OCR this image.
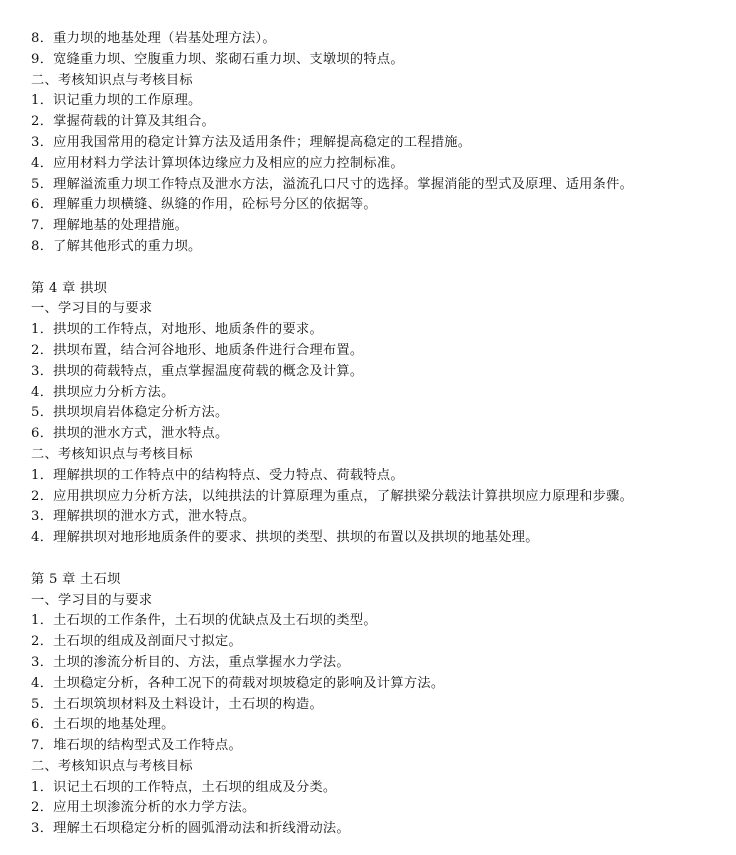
8．重力坝的地基处理（岩基处理方法）。
9．宽缝重力坝、空腹重力坝、浆砌石重力坝、支墩坝的特点。
二、考核知识点与考核目标
1．识记重力坝的工作原理。
2．掌握荷载的计算及其组合。
3．应用我国常用的稳定计算方法及适用条件；理解提高稳定的工程措施。
4．应用材料力学法计算坝体边缘应力及相应的应力控制标准。
5．理解溢流重力坝工作特点及泄水方法，溢流孔口尺寸的选择。掌握消能的型式及原理、适用条件。
6．理解重力坝横缝、纵缝的作用，砼标号分区的依据等。
7．理解地基的处理措施。
8．了解其他形式的重力坝。
第 4 章 拱坝
一、学习目的与要求
1．拱坝的工作特点，对地形、地质条件的要求。
2．拱坝布置，结合河谷地形、地质条件进行合理布置。
3．拱坝的荷载特点，重点掌握温度荷载的概念及计算。
4．拱坝应力分析方法。
5．拱坝坝肩岩体稳定分析方法。
6．拱坝的泄水方式，泄水特点。
二、考核知识点与考核目标
1．理解拱坝的工作特点中的结构特点、受力特点、荷载特点。
2．应用拱坝应力分析方法，以纯拱法的计算原理为重点，了解拱梁分载法计算拱坝应力原理和步骤。
3．理解拱坝的泄水方式，泄水特点。
4．理解拱坝对地形地质条件的要求、拱坝的类型、拱坝的布置以及拱坝的地基处理。
第 5 章 土石坝
一、学习目的与要求
1．土石坝的工作条件，土石坝的优缺点及土石坝的类型。
2．土石坝的组成及剖面尺寸拟定。
3．土坝的渗流分析目的、方法，重点掌握水力学法。
4．土坝稳定分析，各种工况下的荷载对坝坡稳定的影响及计算方法。
5．土石坝筑坝材料及土料设计，土石坝的构造。
6．土石坝的地基处理。
7．堆石坝的结构型式及工作特点。
二、考核知识点与考核目标
1．识记土石坝的工作特点，土石坝的组成及分类。
2．应用土坝渗流分析的水力学方法。
3．理解土石坝稳定分析的圆弧滑动法和折线滑动法。
